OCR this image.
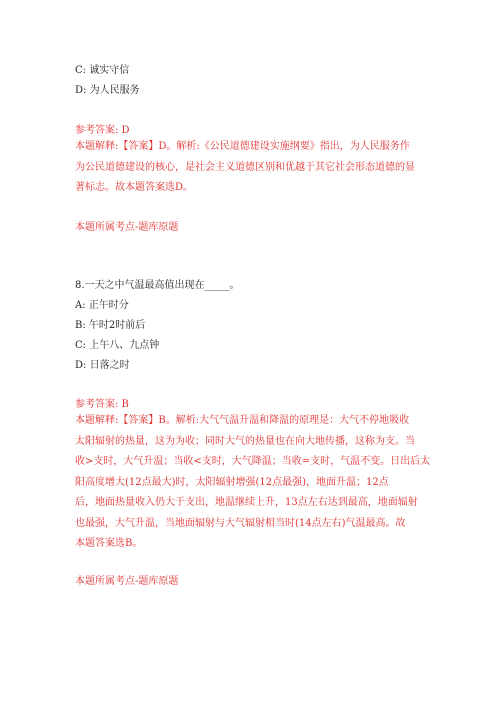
C: 诚实守信
D: 为人民服务
参考答案: D
本题解释:【答案】D。解析:《公民道德建设实施纲要》指出，为人民服务作
为公民道德建设的核心，是社会主义道德区别和优越于其它社会形态道德的显
著标志。故本题答案选D。
本题所属考点-题库原题
8.一天之中气温最高值出现在_____。
A: 正午时分
B: 午时2时前后
C: 上午八、九点钟
D: 日落之时
参考答案: B
本题解释:【答案】B。解析:大气气温升温和降温的原理是：大气不停地吸收
太阳辐射的热量，这为为收；同时大气的热量也在向大地传播，这称为支。当
收>支时，大气升温；当收<支时，大气降温；当收=支时，气温不变。日出后太
阳高度增大(12点最大)时，太阳辐射增强(12点最强)，地面升温；12点
后，地面热量收入仍大于支出，地温继续上升，13点左右达到最高，地面辐射
也最强，大气升温，当地面辐射与大气辐射相当时(14点左右)气温最高。故
本题答案选B。
本题所属考点-题库原题
